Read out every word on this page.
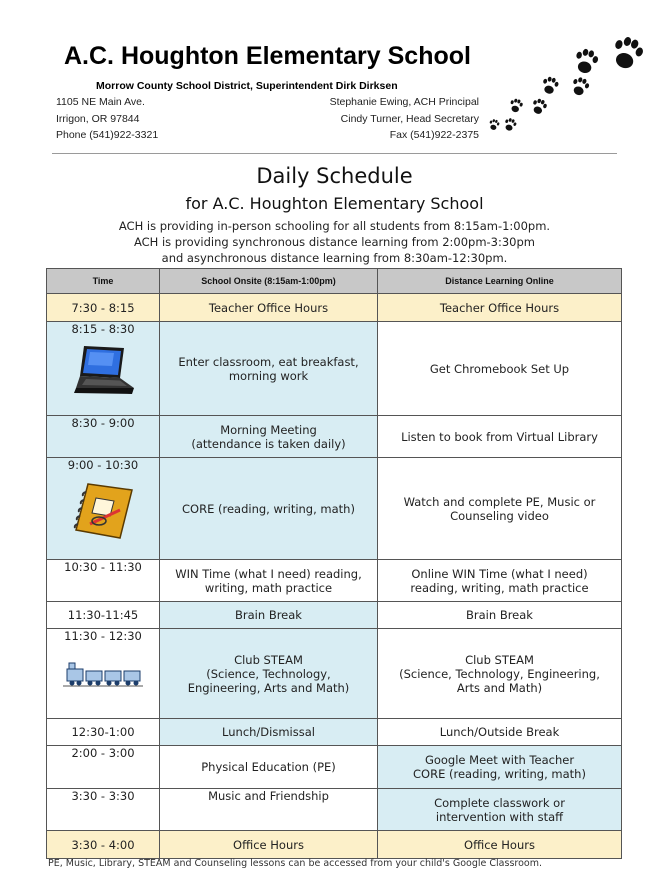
A.C. Houghton Elementary School
Morrow County School District, Superintendent Dirk Dirksen
1105 NE Main Ave.
Irrigon, OR 97844
Phone (541)922-3321
Stephanie Ewing, ACH Principal
Cindy Turner, Head Secretary
Fax (541)922-2375
Daily Schedule
for A.C. Houghton Elementary School
ACH is providing in-person schooling for all students from 8:15am-1:00pm.
ACH is providing synchronous distance learning from 2:00pm-3:30pm
and asynchronous distance learning from 8:30am-12:30pm.
Time	School Onsite (8:15am-1:00pm)	Distance Learning Online
7:30 - 8:15	Teacher Office Hours	Teacher Office Hours
8:15 - 8:30	Enter classroom, eat breakfast,
morning work	Get Chromebook Set Up
8:30 - 9:00	Morning Meeting
(attendance is taken daily)	Listen to book from Virtual Library
9:00 - 10:30	CORE (reading, writing, math)	Watch and complete PE, Music or
Counseling video
10:30 - 11:30	WIN Time (what I need) reading,
writing, math practice	Online WIN Time (what I need)
reading, writing, math practice
11:30-11:45	Brain Break	Brain Break
11:30 - 12:30	Club STEAM
(Science, Technology,
Engineering, Arts and Math)	Club STEAM
(Science, Technology, Engineering,
Arts and Math)
12:30-1:00	Lunch/Dismissal	Lunch/Outside Break
2:00 - 3:00	Physical Education (PE)	Google Meet with Teacher
CORE (reading, writing, math)
3:30 - 3:30	Music and Friendship	Complete classwork or
intervention with staff
3:30 - 4:00	Office Hours	Office Hours
PE, Music, Library, STEAM and Counseling lessons can be accessed from your child's Google Classroom.
